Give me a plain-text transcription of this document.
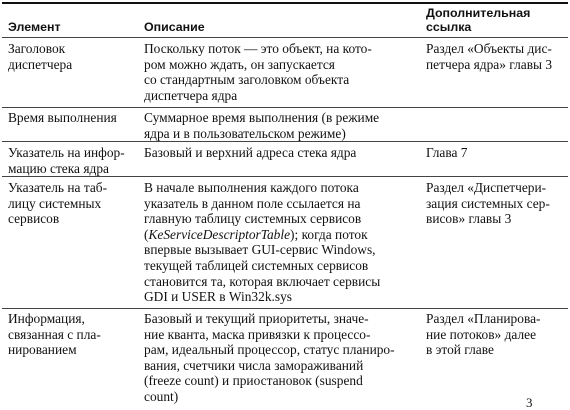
Элемент	Описание
Дополнительная
ссылка
Заголовок
диспетчера
Поскольку поток — это объект, на кото-
ром можно ждать, он запускается
со стандартным заголовком объекта
диспетчера ядра
Раздел «Объекты дис-
петчера ядра» главы 3
Время выполнения Суммарное время выполнения (в режиме
ядра и в пользовательском режиме)
Указатель на инфор-
мацию стека ядра
Базовый и верхний адреса стека ядра	Глава 7
Указатель на таб-
лицу системных
сервисов
В начале выполнения каждого потока
указатель в данном поле ссылается на
главную таблицу системных сервисов
(KeServiceDescriptorTable); когда поток
впервые вызывает GUI-сервис Windows,
текущей таблицей системных сервисов
становится та, которая включает сервисы
GDI и USER в Win32k.sys
Раздел «Диспетчери-
зация системных сер-
висов» главы 3
Информация,
связанная с пла-
нированием
Базовый и текущий приоритеты, значе-
ние кванта, маска привязки к процессо-
рам, идеальный процессор, статус планиро-
вания, счетчики числа замораживаний
(freeze count) и приостановок (suspend
count)
Раздел «Планирова-
ние потоков» далее
в этой главе
3
